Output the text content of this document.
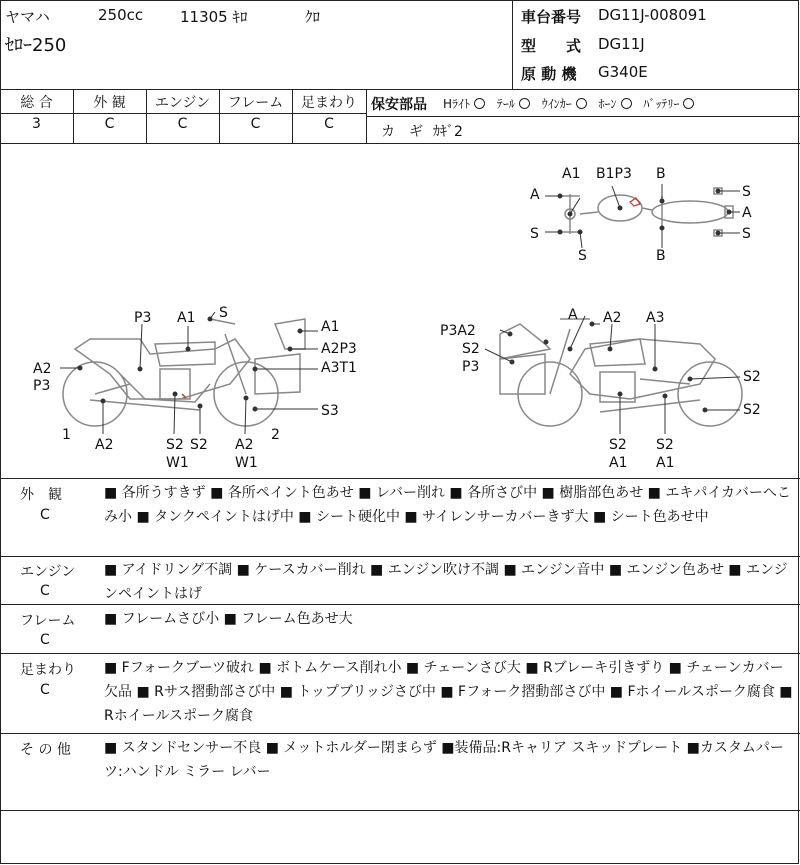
ヤマハ	250cc 11305 ｷﾛ	ｸﾛ
ｾﾛｰ250
車台番号 DG11J-008091
型　　式 DG11J
原 動 機 G340E
総 合	外 観	エンジン	フレーム	足まわり
3	C	C	C	C
保安部品 Hﾗｲﾄ ﾃｰﾙ ｳｲﾝｶｰ ﾎｰﾝ ﾊﾞｯﾃﾘｰ
カ　ギ ｶｷﾞ2
A1 B1P3 B
A
S
S	B
S
A
S
P3 A1 S
A1
A2P3
A3T1
S3
A2
P3
1
A2	S2 S2 A2
2
W1	W1
P3A2
A A2 A3
S2
P3
S2
S2
S2 S2
A1 A1
外　観
C
■ 各所うすきず ■ 各所ペイント色あせ ■ レバー削れ ■ 各所さび中 ■ 樹脂部色あせ ■ エキパイカバーへこみ小 ■ タンクペイントはげ中 ■ シート硬化中 ■ サイレンサーカバーきず大 ■ シート色あせ中
エンジン
C
■ アイドリング不調 ■ ケースカバー削れ ■ エンジン吹け不調 ■ エンジン音中 ■ エンジン色あせ ■ エンジンペイントはげ
フレーム
C
■ フレームさび小 ■ フレーム色あせ大
足まわり
C
■ Fフォークブーツ破れ ■ ボトムケース削れ小 ■ チェーンさび大 ■ Rブレーキ引きずり ■ チェーンカバー欠品 ■ Rサス摺動部さび中 ■ トップブリッジさび中 ■ Fフォーク摺動部さび中 ■ Fホイールスポーク腐食 ■ Rホイールスポーク腐食
そ の 他 ■ スタンドセンサー不良 ■ メットホルダー閉まらず ■装備品:Rキャリア スキッドプレート ■カスタムパーツ:ハンドル ミラー レバー
